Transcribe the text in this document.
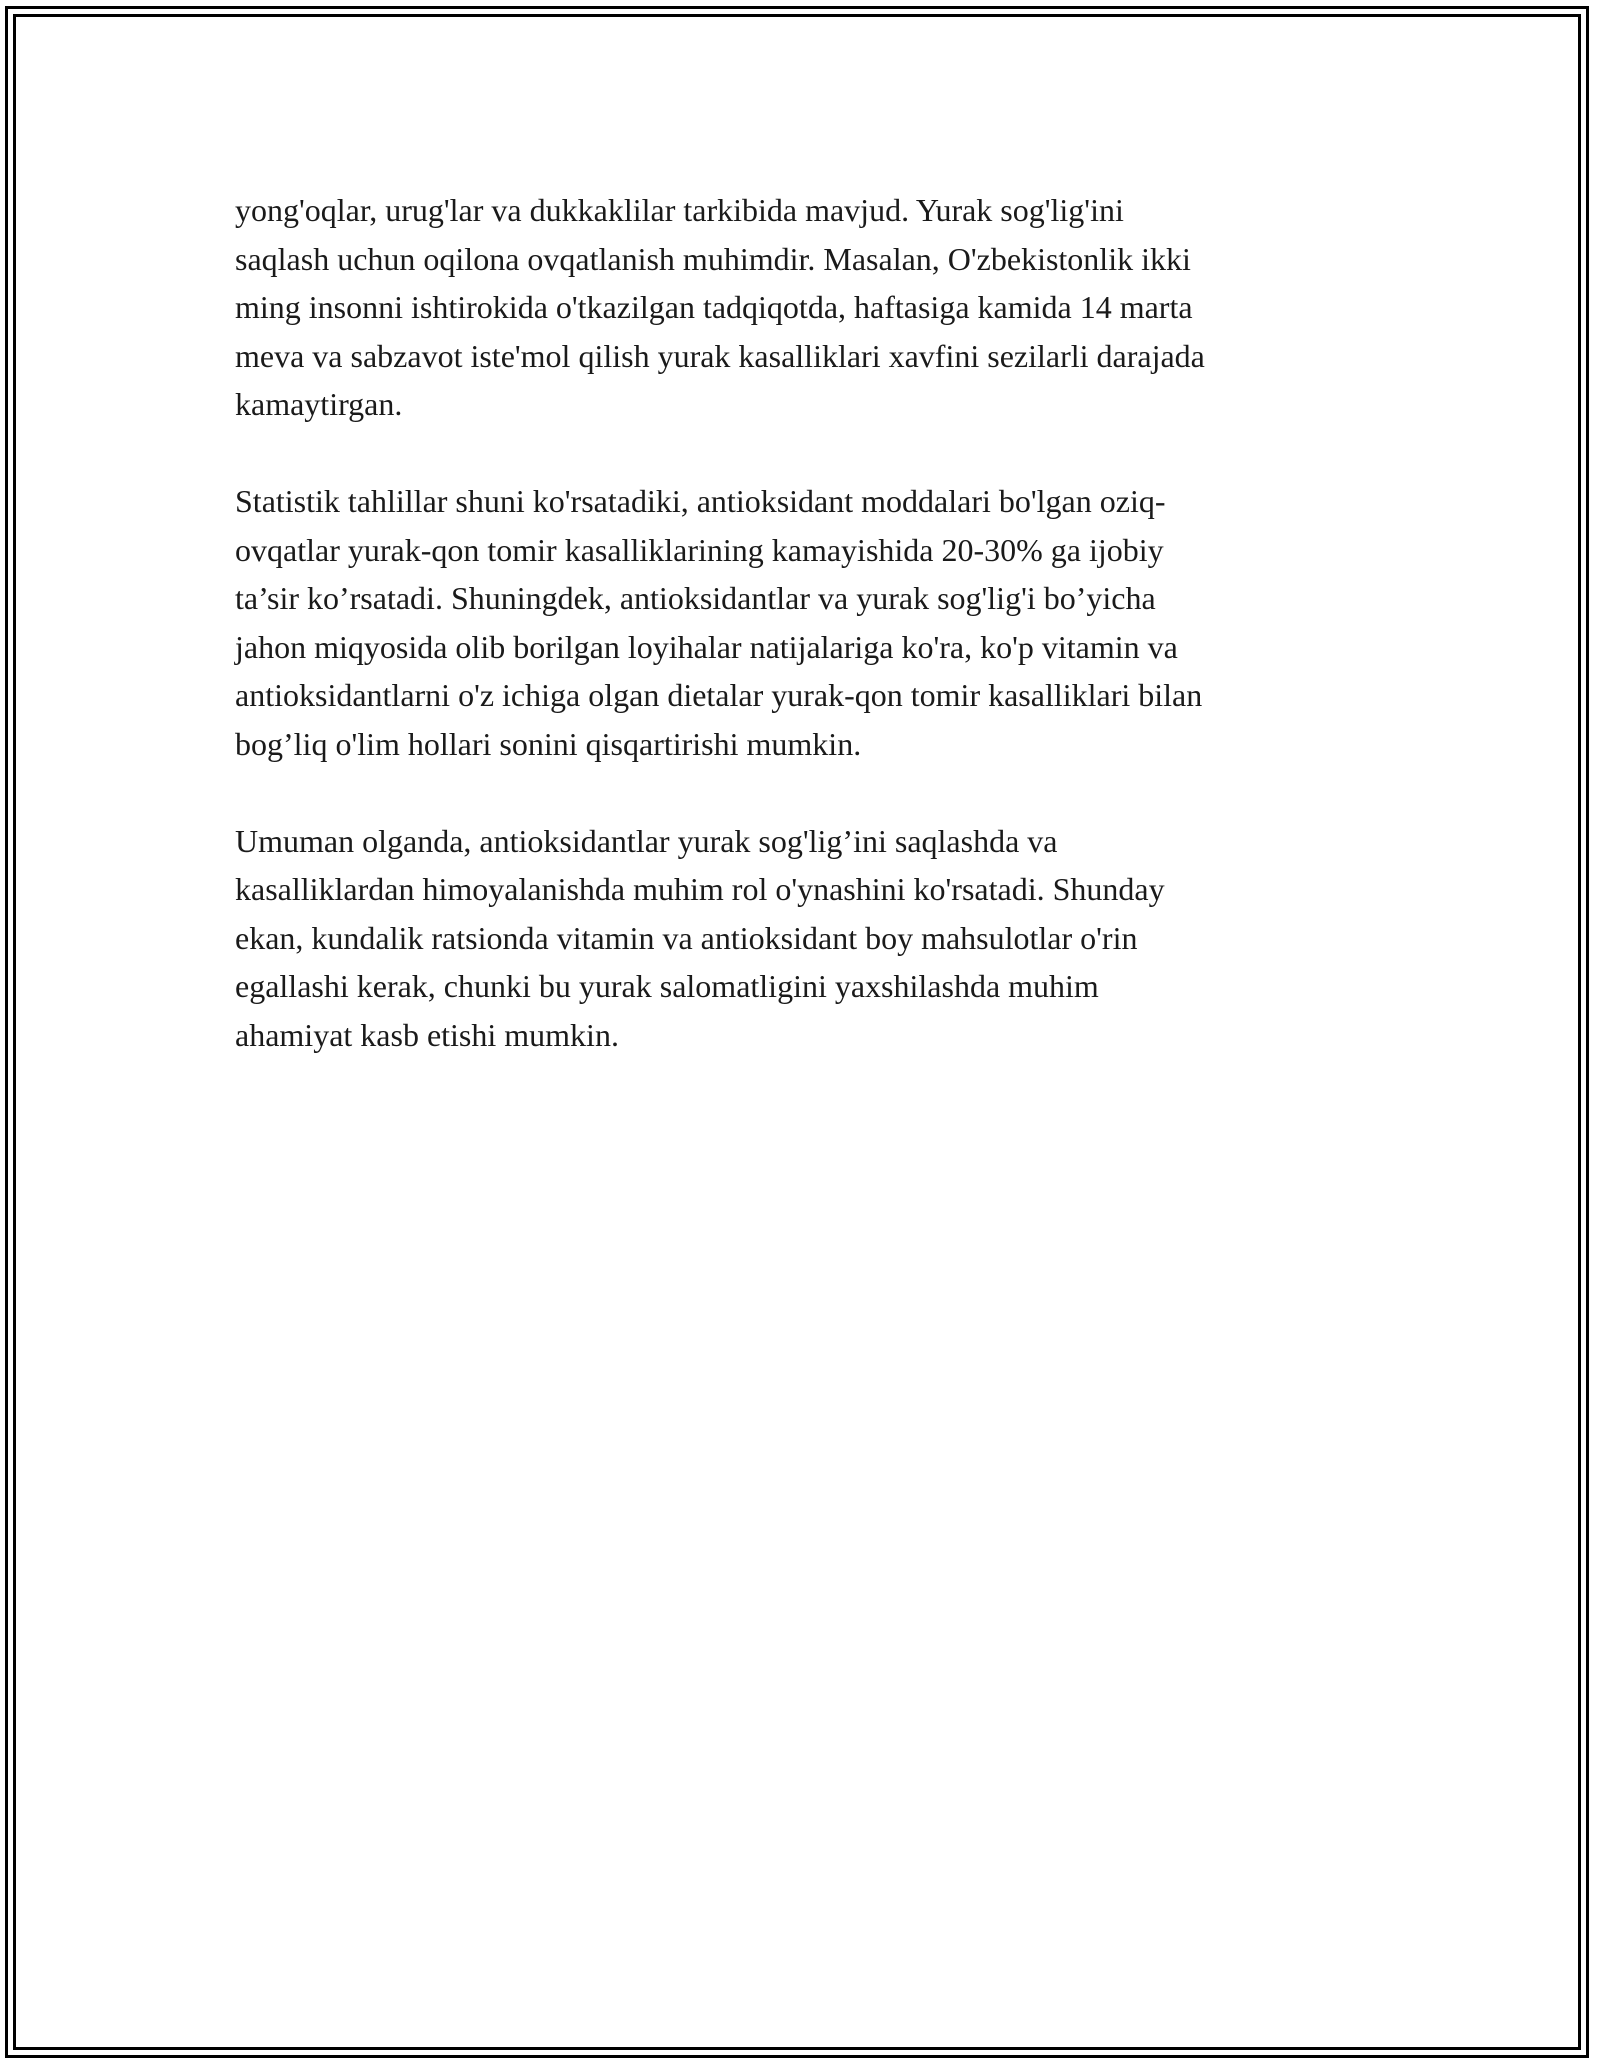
yong'oqlar, urug'lar va dukkaklilar tarkibida mavjud. Yurak sog'lig'ini
saqlash uchun oqilona ovqatlanish muhimdir. Masalan, O'zbekistonlik ikki
ming insonni ishtirokida o'tkazilgan tadqiqotda, haftasiga kamida 14 marta
meva va sabzavot iste'mol qilish yurak kasalliklari xavfini sezilarli darajada
kamaytirgan.

Statistik tahlillar shuni ko'rsatadiki, antioksidant moddalari bo'lgan oziq-
ovqatlar yurak-qon tomir kasalliklarining kamayishida 20-30% ga ijobiy
ta’sir ko’rsatadi. Shuningdek, antioksidantlar va yurak sog'lig'i bo’yicha
jahon miqyosida olib borilgan loyihalar natijalariga ko'ra, ko'p vitamin va
antioksidantlarni o'z ichiga olgan dietalar yurak-qon tomir kasalliklari bilan
bog’liq o'lim hollari sonini qisqartirishi mumkin.

Umuman olganda, antioksidantlar yurak sog'lig’ini saqlashda va
kasalliklardan himoyalanishda muhim rol o'ynashini ko'rsatadi. Shunday
ekan, kundalik ratsionda vitamin va antioksidant boy mahsulotlar o'rin
egallashi kerak, chunki bu yurak salomatligini yaxshilashda muhim
ahamiyat kasb etishi mumkin.
